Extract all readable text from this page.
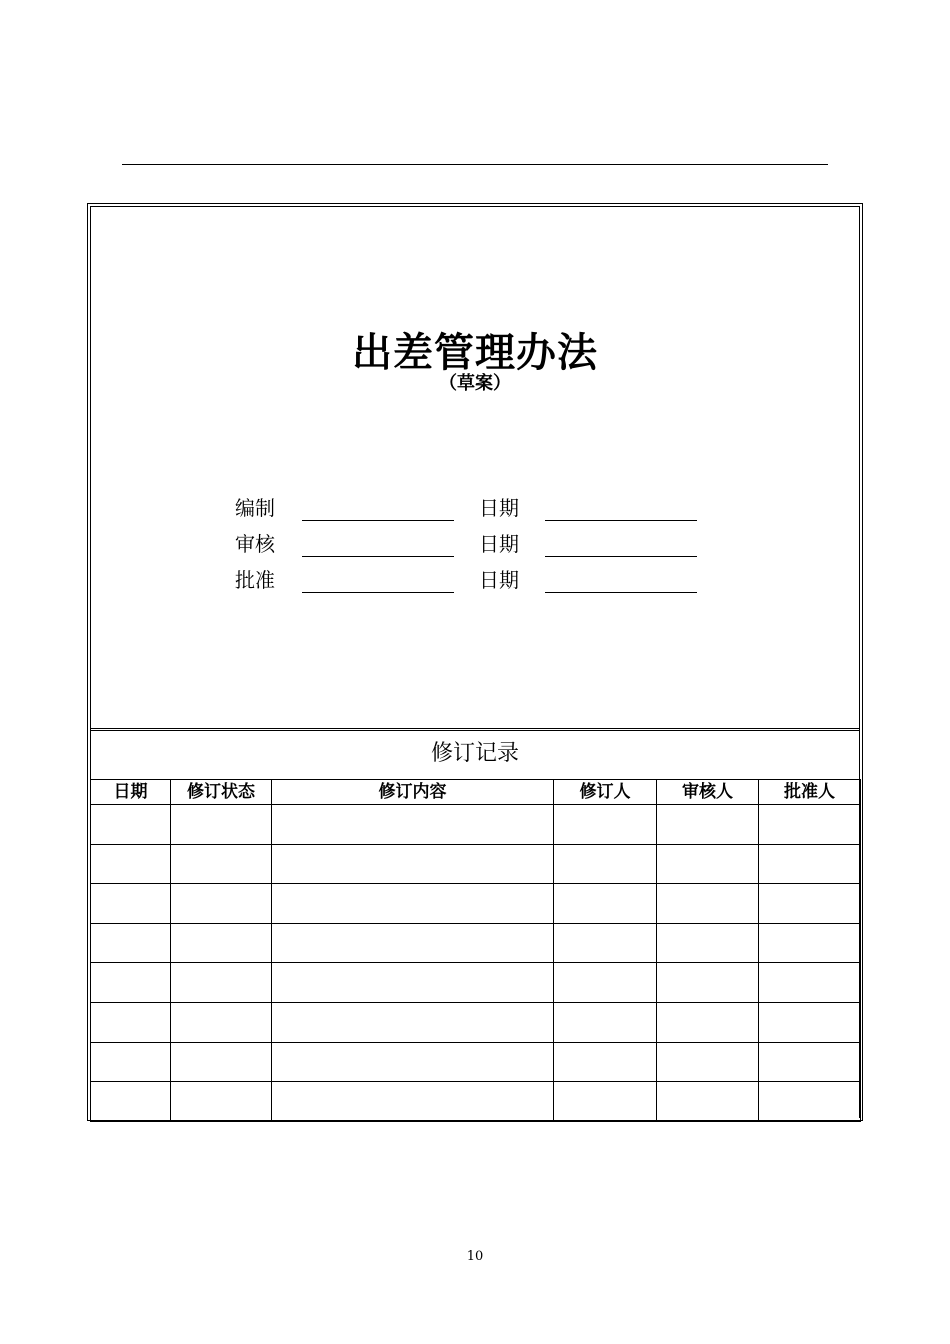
出差管理办法
（草案）
编制	日期
审核	日期
批准	日期
修订记录
日期	修订状态	修订内容	修订人	审核人	批准人

10
